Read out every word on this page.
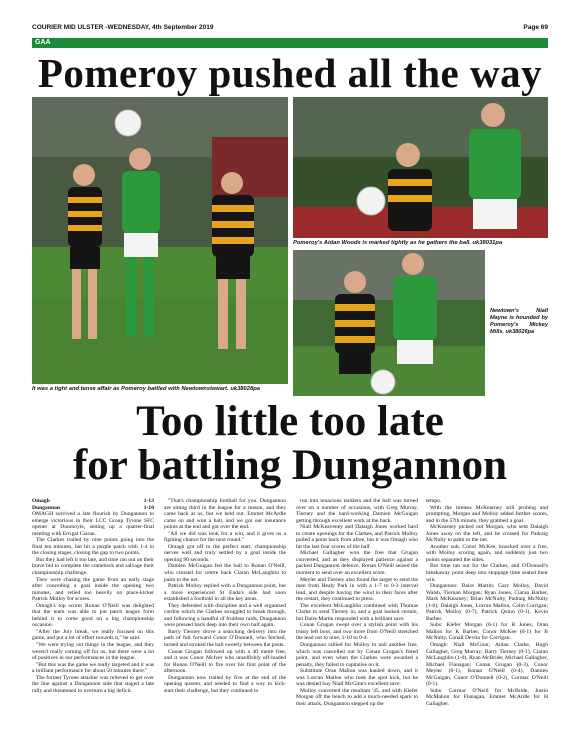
COURIER MID ULSTER -WEDNESDAY, 4th September 2019	Page 69
GAA
Pomeroy pushed all the way
It was a tight and tense affair as Pomeroy battled with Newtownstewart. uk38028pa
Pomeroy's Aidan Woods is marked tightly as he gathers the ball. uk38031pa
Newtown's Niall Mayne is hounded by Pomeroy's Mickey Mills. uk38026pa
Too little too late
for battling Dungannon
Omagh	1-13
Dungannon	1-10

OMAGH survived a late flourish by Dungannon to emerge victorious in their LCC Group Tyrone SFC opener at Dunmoyle, setting up a quarter-final meeting with Errigal Ciaran.

The Clarkes trailed by nine points going into the final ten minutes, but hit a purple patch with 1-4 in the closing stages, closing the gap to two points.

But they had left it too late, and time ran out on their brave bid to complete the comeback and salvage their championship challenge.

They were chasing the game from an early stage after conceding a goal inside the opening two minutes, and relied too heavily on place-kicker Patrick Molloy for scores.

Omagh's top scorer Ronan O'Neill was delighted that the team was able to put patch league form behind it to come good on a big championship occasion.

"After the July break, we really focused on this game, and put a lot of effort towards it," he said.

"We were trying out things in the league, and they weren't really coming off for us, but there were a lot of positives in our performances in the league.

"But this was the game we really targeted and it was a brilliant performance for about 50 minutes there."

The former Tyrone attacker was relieved to get over the line against a Dungannon side that staged a late rally and threatened to overturn a big deficit.

"That's championship football for you. Dungannon are sitting third in the league for a reason, and they came back at us, but we held out. Emmet McArdle came on and won a ball, and we got our insurance points at the end and got over the end.

"All we did was look for a win, and it gives us a fighting chance for the next round."

Omagh got off to the perfect start, championship nerves well and truly settled by a goal inside the opening 90 seconds.

Damien McGuigan fed the ball to Ronan O'Neill, who crossed for centre back Ciaran McLaughlin to palm to the net.

Patrick Molloy replied with a Dungannon point, but a more experienced St Enda's side had soon established a foothold in all the key areas.

They defended with discipline and a well organised cordon which the Clarkes struggled to break through, and following a handful of fruitless raids, Dungannon were pressed back deep into their own half again.

Barry Tierney drove a searching delivery into the path of full forward Conor O'Donnell, who fetched, turned and stroked the ball sweetly between the posts.

Conan Grugan followed up with a 40 metre free, and it was Conor McIver who unselfishly off-loaded for Ronan O'Neill to fire over his first point of the afternoon.

Dungannon now trailed by five at the end of the opening quarter, and needed to find a way to kick-start their challenge, but they continued to

run into tenacious tacklers and the ball was turned over on a number of occasions, with Greg Murray, Tierney and the hard-working Damien McGuigan getting through excellent work at the back.

Niall McKeaveney and Dalaigh Jones worked hard to create openings for the Clarkes, and Patrick Molloy pulled a point back from afree, but it was Omagh who hit the last four scores of the half.

Michael Gallagher won the free that Grugan converted, and as they displayed patience against a packed Dungannon defence, Ronan O'Neill seized the moment to send over an excellent score.

Meyler and Tierney also found the target to send the men from Healy Park in with a 1-7 to 0-3 interval lead, and despite having the wind in their faces after the restart, they continued to press.

The excellent McLaughlin combined with Thomas Clarke to send Tierney in, and a goal looked certain, but Daire Martin responded with a brilliant save.

Conan Grugan swept over a stylish point with his trusty left boot, and two more from O'Neill stretched the lead out to nine, 1-10 to 0-4.

Dungannon rallied for Molloy to nail another free, which was cancelled out by Conan Grugan's fisted point, and even when the Clarkes were awarded a penalty, they failed to capitalise on it.

Substitute Oran Mallon was hauled down, and it was Lorcan Mallon who took the spot kick, but he was denied buy Niall McGinn's excellent save.

Molloy converted the resultant '45, and with Kiefer Morgan off the bench to add a much-needed spark to their attack, Dungannon stepped up the

tempo.

With the tireless McKearney still probing and prompting, Morgan and Molloy added further scores, and in the 57th minute, they grabbed a goal.

McKearney picked out Morgan, who sent Dalaigh Jones away on the left, and he crossed for Padraig McNulty to palm to the net.

Another sub, Conor McKee, knocked over a free, with Molloy scoring again, and suddenly just two points separated the sides.

But time ran out for the Clarkes, and O'Donnell's breakaway point deep into stoppage time sealed their win.

Dungannon: Daire Martin; Gary Molloy, David Walsh, Tiernan Morgan; Ryan Jones, Ciaran Barber, Mark McKearney; Brian McNulty, Padraig McNulty (1-0); Dalaigh Jones, Lorcan Mallon, Colm Corrigan; Patrick Molloy (0-7), Patrick Quinn (0-1), Kevin Barber.

Subs: Kiefer Morgan (0-1) for R Jones, Oran Mallon for K Barber, Conor McKee (0-1) for B McNulty, Conall Devlin for Corrigan.

Omagh: Niall McGinn; Aidan Clarke, Hugh Gallagher, Greg Murray; Barry Tierney (0-1), Ciaran McLaughlin (1-0), Ryan McBride; Michael Gallagher, Michael Flanagan; Conan Grugan (0-3), Conor Meyler (0-1), Ronan O'Neill (0-4), Damien McGuigan, Conor O'Donnell (0-2), Cormac O'Neill (0-1).

Subs: Cormac O'Neill for McBride, Justin McMahon for Flanagan, Emmet McArdle for H Gallagher.
